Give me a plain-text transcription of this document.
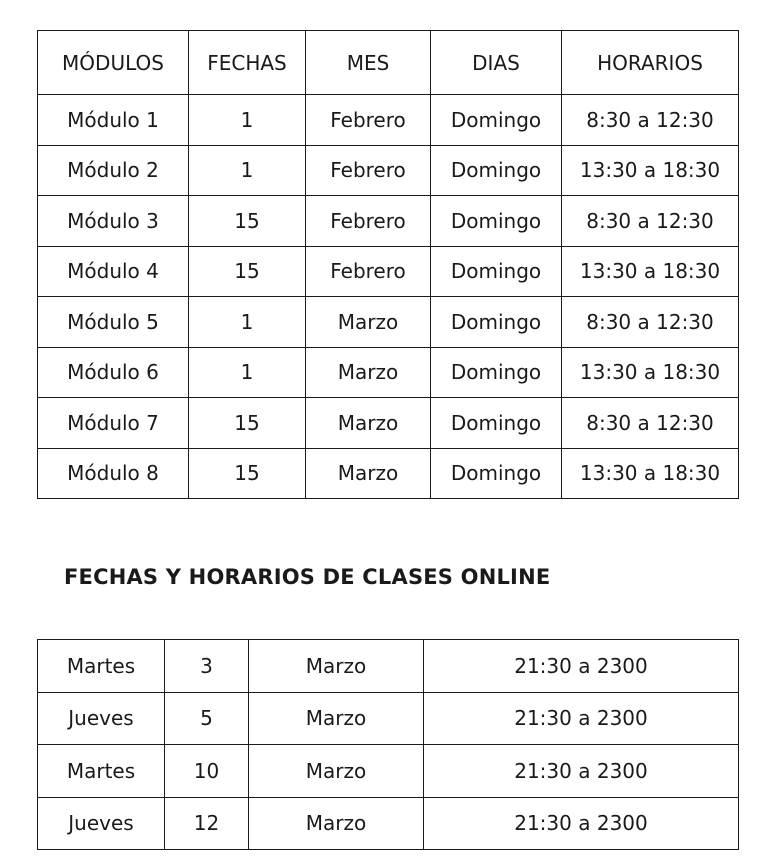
MÓDULOS	FECHAS	MES	DIAS	HORARIOS
Módulo 1	1	Febrero	Domingo	8:30 a 12:30
Módulo 2	1	Febrero	Domingo	13:30 a 18:30
Módulo 3	15	Febrero	Domingo	8:30 a 12:30
Módulo 4	15	Febrero	Domingo	13:30 a 18:30
Módulo 5	1	Marzo	Domingo	8:30 a 12:30
Módulo 6	1	Marzo	Domingo	13:30 a 18:30
Módulo 7	15	Marzo	Domingo	8:30 a 12:30
Módulo 8	15	Marzo	Domingo	13:30 a 18:30
FECHAS Y HORARIOS DE CLASES ONLINE
Martes	3	Marzo	21:30 a 2300
Jueves	5	Marzo	21:30 a 2300
Martes	10	Marzo	21:30 a 2300
Jueves	12	Marzo	21:30 a 2300
